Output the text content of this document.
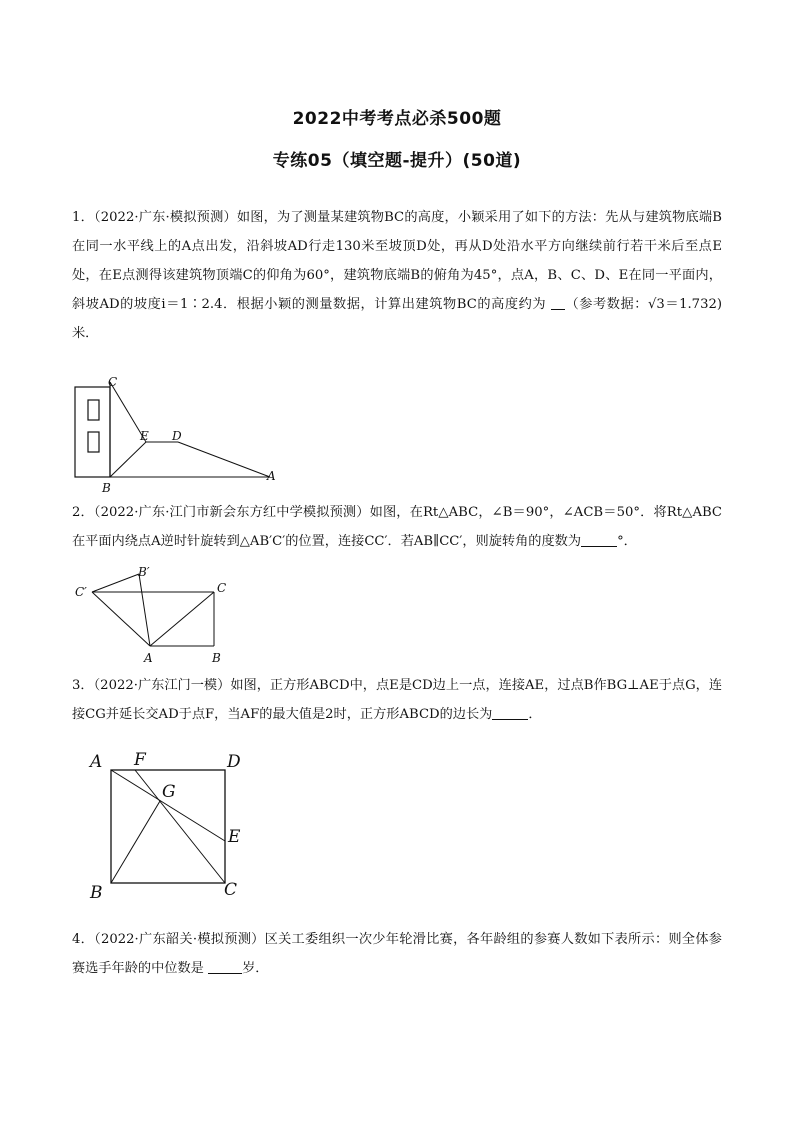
2022中考考点必杀500题
专练05（填空题-提升）(50道)
1．（2022·广东·模拟预测）如图，为了测量某建筑物BC的高度，小颖采用了如下的方法：先从与建筑物底端B在同一水平线上的A点出发，沿斜坡AD行走130米至坡顶D处，再从D处沿水平方向继续前行若干米后至点E处，在E点测得该建筑物顶端C的仰角为60°，建筑物底端B的俯角为45°，点A，B、C、D、E在同一平面内，斜坡AD的坡度i＝1∶2.4．根据小颖的测量数据，计算出建筑物BC的高度约为 （参考数据：√3＝1.732)米．
C
E D
B
A
2．（2022·广东·江门市新会东方红中学模拟预测）如图，在Rt△ABC，∠B＝90°，∠ACB＝50°．将Rt△ABC在平面内绕点A逆时针旋转到△AB′C′的位置，连接CC′．若AB∥CC′，则旋转角的度数为	°．
B′
C′	C
A	B
3．（2022·广东江门一模）如图，正方形ABCD中，点E是CD边上一点，连接AE，过点B作BG⊥AE于点G，连接CG并延长交AD于点F，当AF的最大值是2时，正方形ABCD的边长为	．
A F	D
G
E
B	C
4．（2022·广东韶关·模拟预测）区关工委组织一次少年轮滑比赛，各年龄组的参赛人数如下表所示：则全体参赛选手年龄的中位数是	岁．
